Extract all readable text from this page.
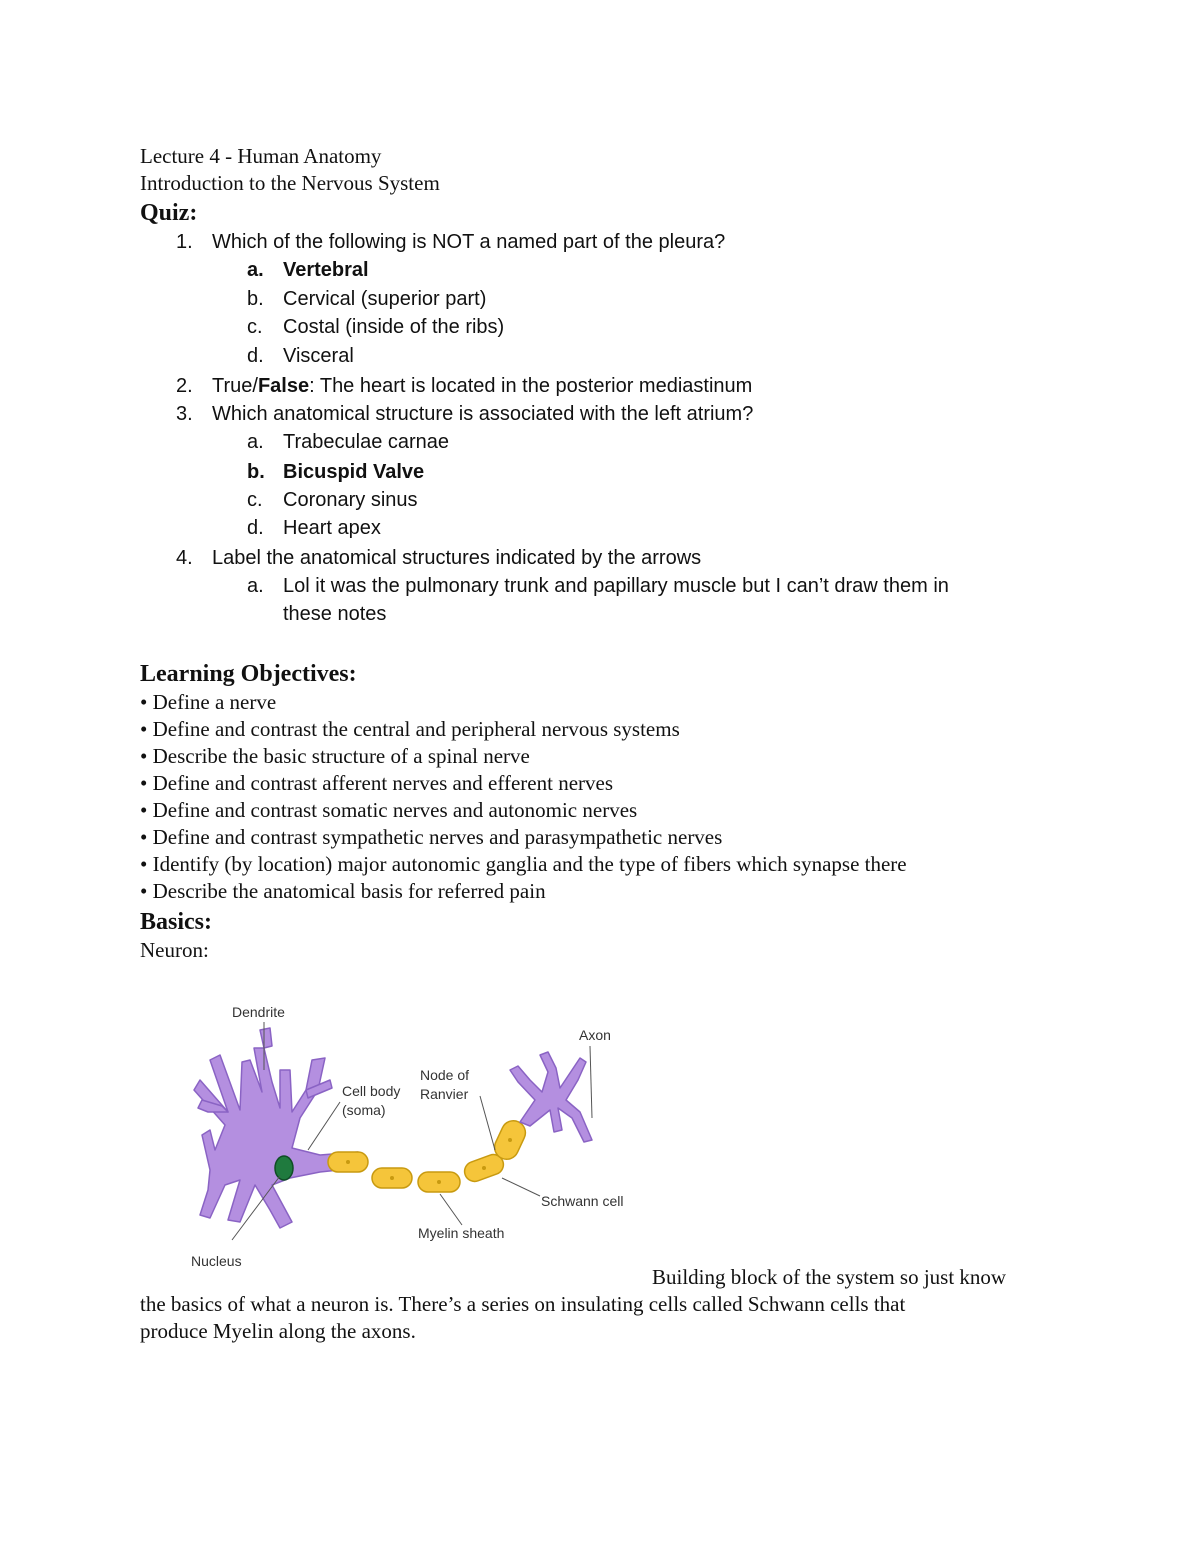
Lecture 4 - Human Anatomy
Introduction to the Nervous System
Quiz:
1. Which of the following is NOT a named part of the pleura?
a. Vertebral
b. Cervical (superior part)
c. Costal (inside of the ribs)
d. Visceral
2. True/False: The heart is located in the posterior mediastinum
3. Which anatomical structure is associated with the left atrium?
a. Trabeculae carnae
b. Bicuspid Valve
c. Coronary sinus
d. Heart apex
4. Label the anatomical structures indicated by the arrows
a. Lol it was the pulmonary trunk and papillary muscle but I can’t draw them in
these notes
Learning Objectives:
• Define a nerve
• Define and contrast the central and peripheral nervous systems
• Describe the basic structure of a spinal nerve
• Define and contrast afferent nerves and efferent nerves
• Define and contrast somatic nerves and autonomic nerves
• Define and contrast sympathetic nerves and parasympathetic nerves
• Identify (by location) major autonomic ganglia and the type of fibers which synapse there
• Describe the anatomical basis for referred pain
Basics:
Neuron:
Dendrite
Axon
Cell body
(soma)
Node of
Ranvier
Schwann cell
Myelin sheath
Nucleus
Building block of the system so just know
the basics of what a neuron is. There’s a series on insulating cells called Schwann cells that
produce Myelin along the axons.
